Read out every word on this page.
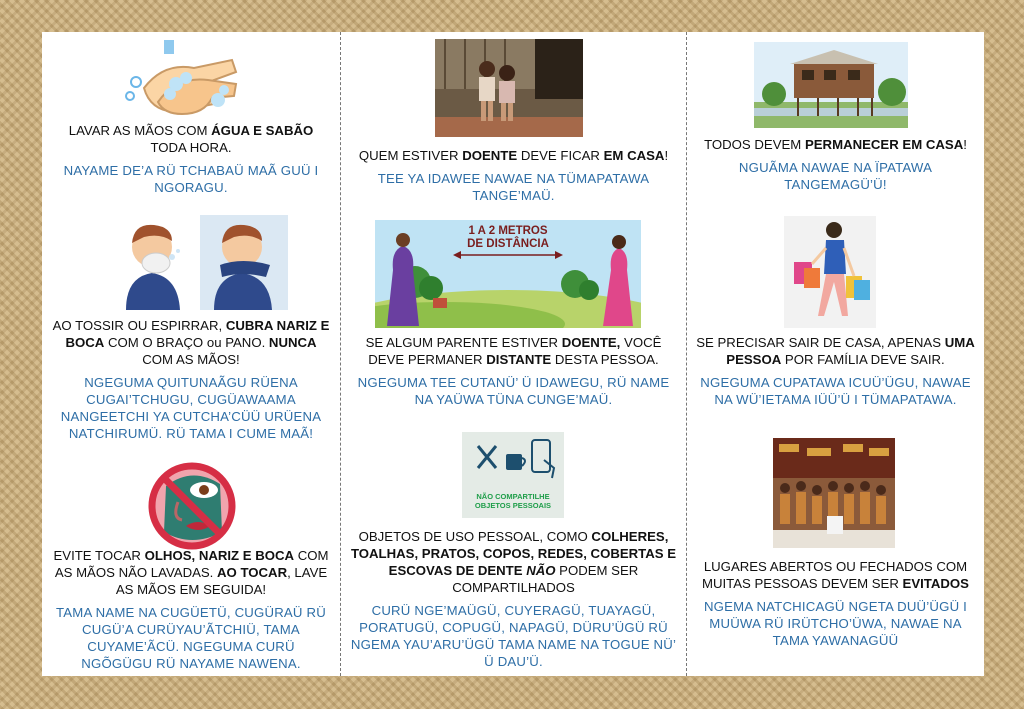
LAVAR AS MÃOS COM ÁGUA E SABÃO TODA HORA.

NAYAME DE’A RÜ TCHABAÜ MAÃ GUÜ I NGORAGU.

AO TOSSIR OU ESPIRRAR, CUBRA NARIZ E BOCA COM O BRAÇO ou PANO. NUNCA COM AS MÃOS!

NGEGUMA QUITUNAÃGU RÜENA CUGAI’TCHUGU, CUGÜAWAAMA NANGEETCHI YA CUTCHA’CÜÜ URÜENA NATCHIRUMÜ. RÜ TAMA I CUME MAÃ!

EVITE TOCAR OLHOS, NARIZ E BOCA COM AS MÃOS NÃO LAVADAS. AO TOCAR, LAVE AS MÃOS EM SEGUIDA!

TAMA NAME NA CUGÜETÜ, CUGÜRAÜ RÜ CUGÜ’A CURÜYAU’ÃTCHIÜ, TAMA CUYAME’ÃCÜ. NGEGUMA CURÜ NGÕGÜGU RÜ NAYAME NAWENA.

QUEM ESTIVER DOENTE DEVE FICAR EM CASA!

TEE YA IDAWEE NAWAE NA TÜMAPATAWA TANGE’MAÜ.

1 A 2 METROS
DE DISTÂNCIA

SE ALGUM PARENTE ESTIVER DOENTE, VOCÊ DEVE PERMANER DISTANTE DESTA PESSOA.

NGEGUMA TEE CUTANÜ’ Ü IDAWEGU, RÜ NAME NA YAÜWA TÜNA CUNGE’MAÜ.

NÃO COMPARTILHE
OBJETOS PESSOAIS

OBJETOS DE USO PESSOAL, COMO COLHERES, TOALHAS, PRATOS, COPOS, REDES, COBERTAS E ESCOVAS DE DENTE NÃO PODEM SER COMPARTILHADOS

CURÜ NGE’MAÜGÜ, CUYERAGÜ, TUAYAGÜ, PORATUGÜ, COPUGÜ, NAPAGÜ, DÜRU’ÜGÜ RÜ NGEMA YAU’ARU’ÜGÜ TAMA NAME NA TOGUE NÜ’ Ü DAU’Ü.

TODOS DEVEM PERMANECER EM CASA!

NGUÃMA NAWAE NA ÏPATAWA TANGEMAGÜ’Ü!

SE PRECISAR SAIR DE CASA, APENAS UMA PESSOA POR FAMÍLIA DEVE SAIR.

NGEGUMA CUPATAWA ICUÜ’ÜGU, NAWAE NA WÜ’IETAMA IÜÜ’Ü I TÜMAPATAWA.

LUGARES ABERTOS OU FECHADOS COM MUITAS PESSOAS DEVEM SER EVITADOS

NGEMA NATCHICAGÜ NGETA DUÜ’ÜGÜ I MUÜWA RÜ IRÜTCHO’ÜWA, NAWAE NA TAMA YAWANAGÜÜ
